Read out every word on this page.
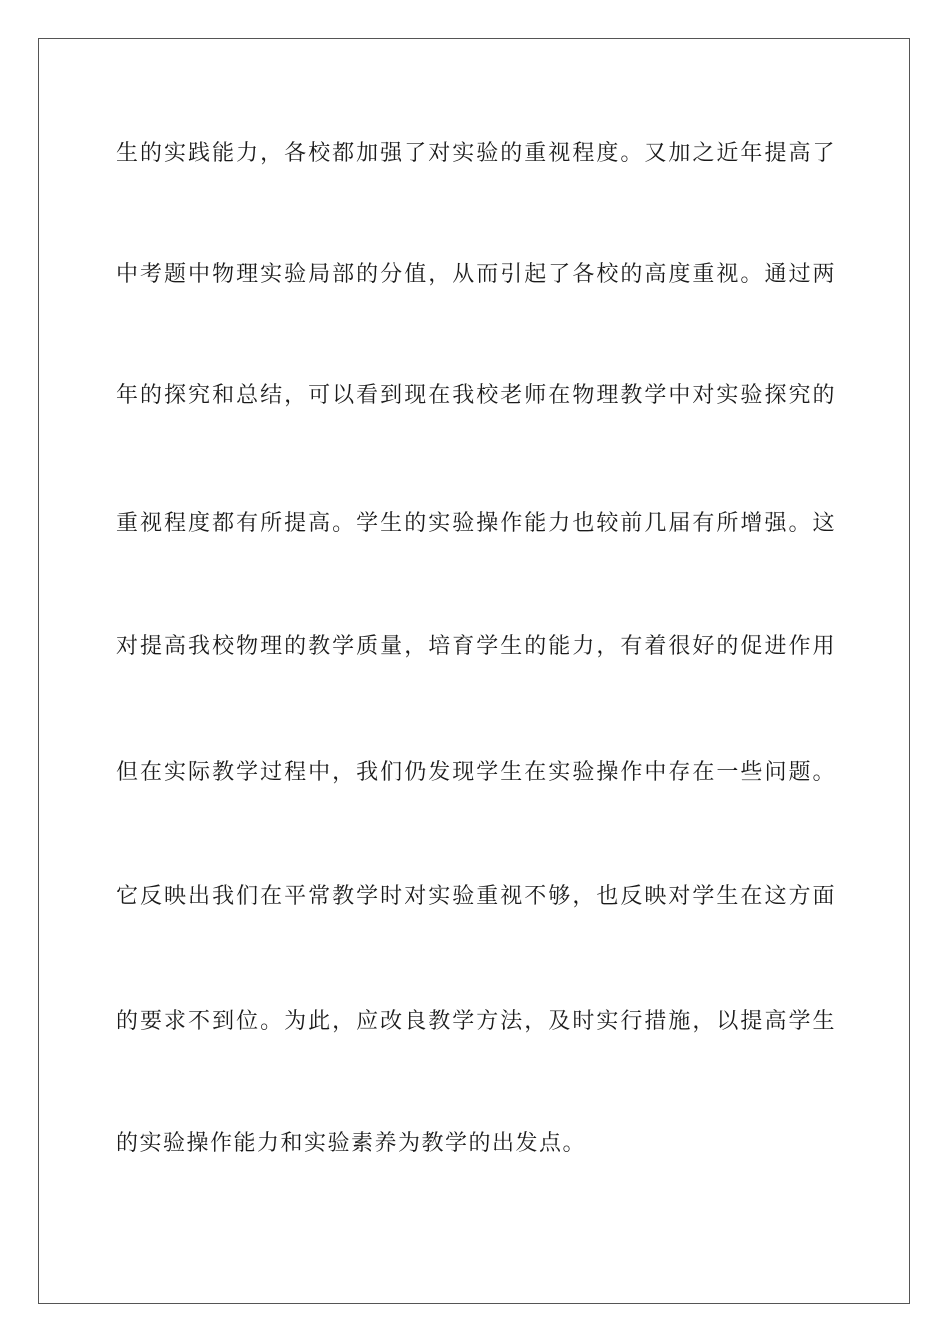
生的实践能力，各校都加强了对实验的重视程度。又加之近年提高了
中考题中物理实验局部的分值，从而引起了各校的高度重视。通过两
年的探究和总结，可以看到现在我校老师在物理教学中对实验探究的
重视程度都有所提高。学生的实验操作能力也较前几届有所增强。这
对提高我校物理的教学质量，培育学生的能力，有着很好的促进作用
但在实际教学过程中，我们仍发现学生在实验操作中存在一些问题。
它反映出我们在平常教学时对实验重视不够，也反映对学生在这方面
的要求不到位。为此，应改良教学方法，及时实行措施，以提高学生
的实验操作能力和实验素养为教学的出发点。
